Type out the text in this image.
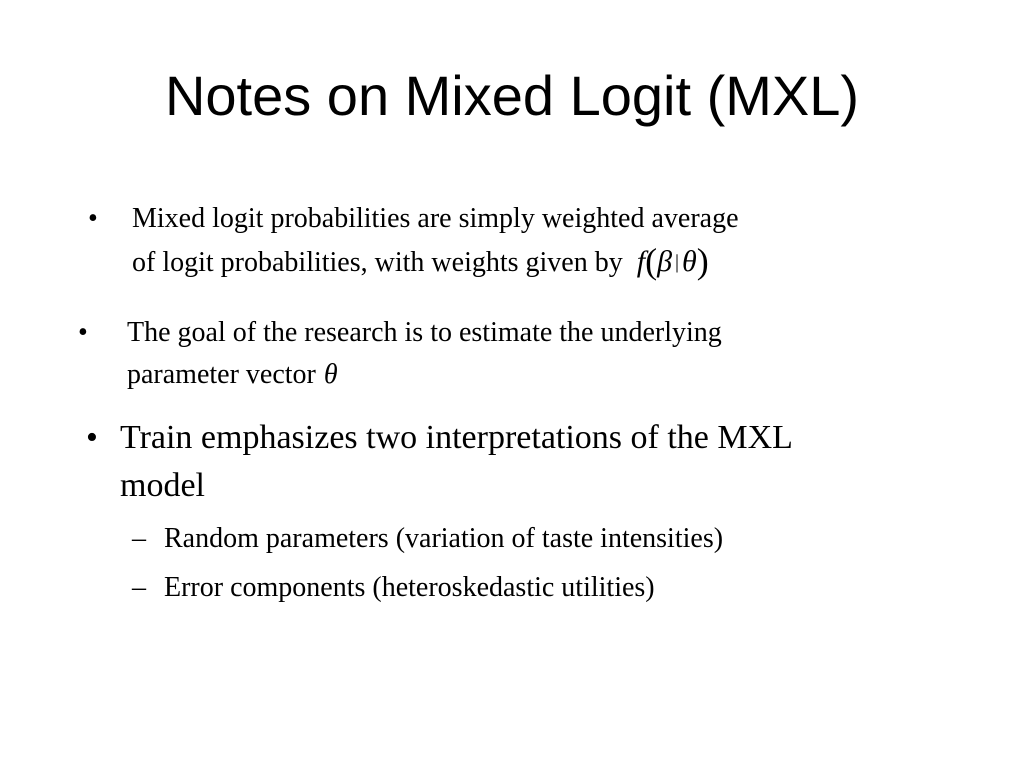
Notes on Mixed Logit (MXL)
• Mixed logit probabilities are simply weighted average
of logit probabilities, with weights given by f(β | θ)
• The goal of the research is to estimate the underlying
parameter vector θ
• Train emphasizes two interpretations of the MXL
model
– Random parameters (variation of taste intensities)
– Error components (heteroskedastic utilities)
